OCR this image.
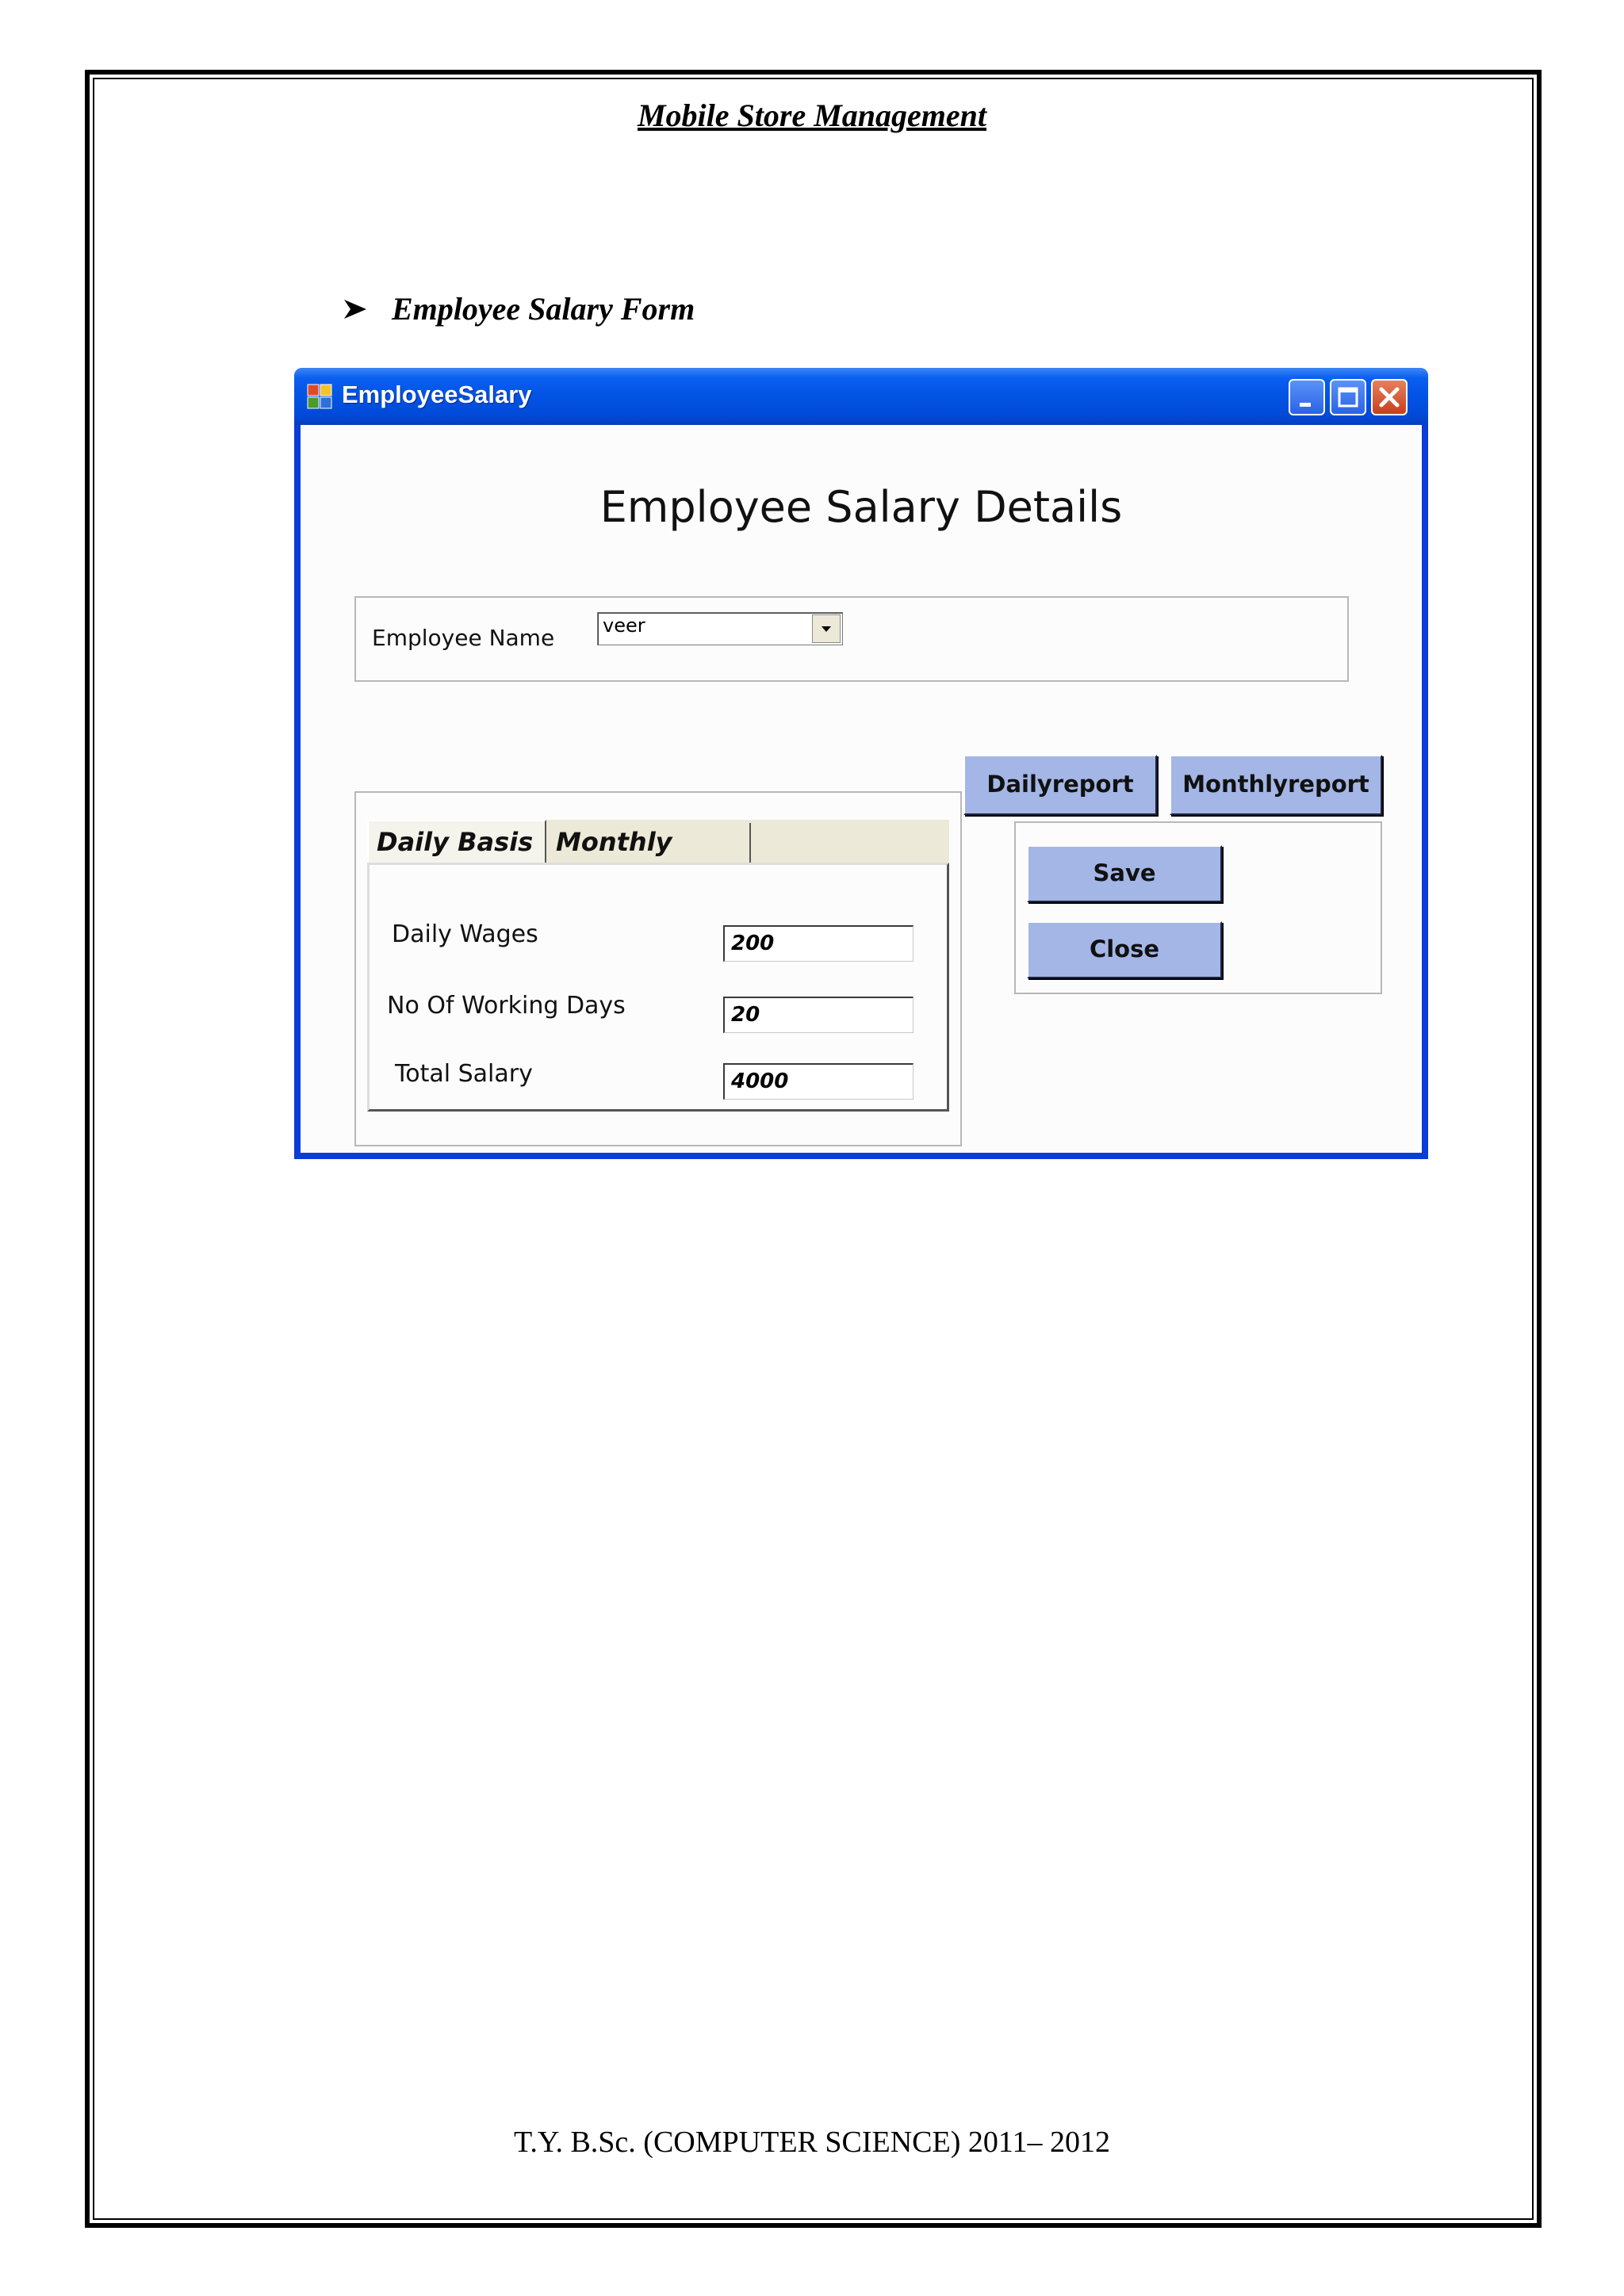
Mobile Store Management
Employee Salary Form
EmployeeSalary
Employee Salary Details
Employee Name	veer
Dailyreport	Monthlyreport
Daily Basis Monthly
Daily Wages	200
No Of Working Days	20
Total Salary	4000
Save
Close
T.Y. B.Sc. (COMPUTER SCIENCE) 2011– 2012
